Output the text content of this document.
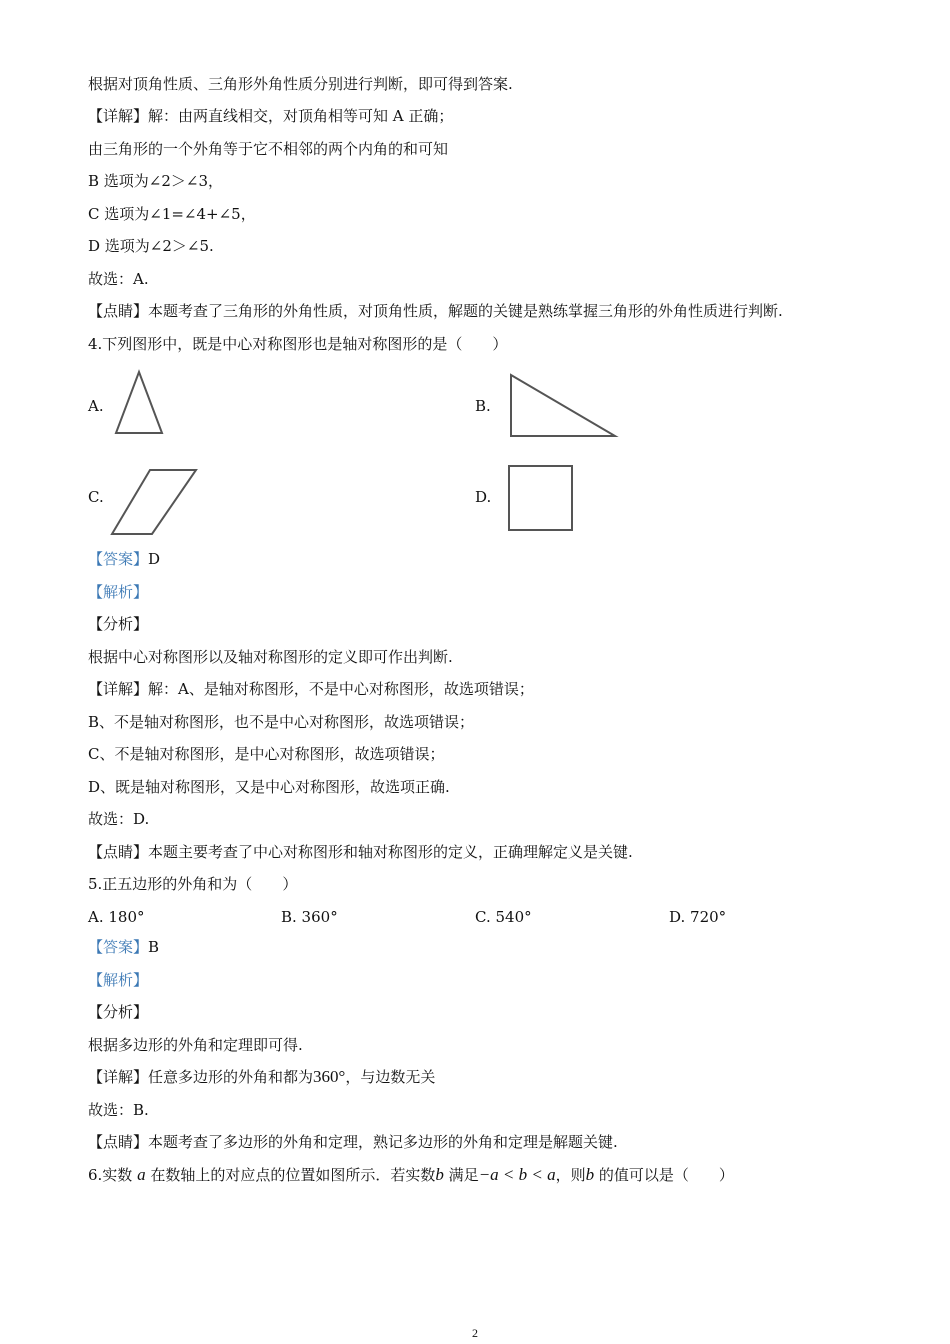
根据对顶角性质、三角形外角性质分别进行判断，即可得到答案.
【详解】解：由两直线相交，对顶角相等可知 A 正确；
由三角形的一个外角等于它不相邻的两个内角的和可知
B 选项为∠2＞∠3，
C 选项为∠1=∠4+∠5，
D 选项为∠2＞∠5.
故选：A.
【点睛】本题考查了三角形的外角性质，对顶角性质，解题的关键是熟练掌握三角形的外角性质进行判断.
4.下列图形中，既是中心对称图形也是轴对称图形的是（　　）
A.	B.
C.	D.
【答案】D
【解析】
【分析】
根据中心对称图形以及轴对称图形的定义即可作出判断.
【详解】解：A、是轴对称图形，不是中心对称图形，故选项错误；
B、不是轴对称图形，也不是中心对称图形，故选项错误；
C、不是轴对称图形，是中心对称图形，故选项错误；
D、既是轴对称图形，又是中心对称图形，故选项正确.
故选：D.
【点睛】本题主要考查了中心对称图形和轴对称图形的定义，正确理解定义是关键.
5.正五边形的外角和为（　　）
A. 180°	B. 360°	C. 540°	D. 720°
【答案】B
【解析】
【分析】
根据多边形的外角和定理即可得.
【详解】任意多边形的外角和都为360°，与边数无关
故选：B.
【点睛】本题考查了多边形的外角和定理，熟记多边形的外角和定理是解题关键.
6.实数 a 在数轴上的对应点的位置如图所示．若实数b 满足−a < b < a，则b 的值可以是（　　）
2
